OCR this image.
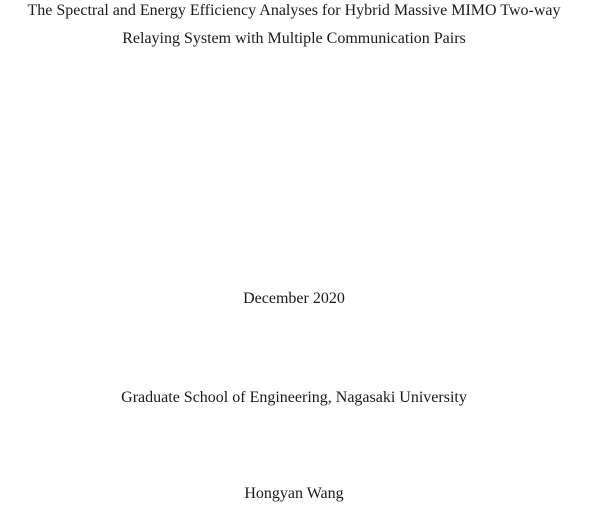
The Spectral and Energy Efficiency Analyses for Hybrid Massive MIMO Two-way
Relaying System with Multiple Communication Pairs
December 2020
Graduate School of Engineering, Nagasaki University
Hongyan Wang
